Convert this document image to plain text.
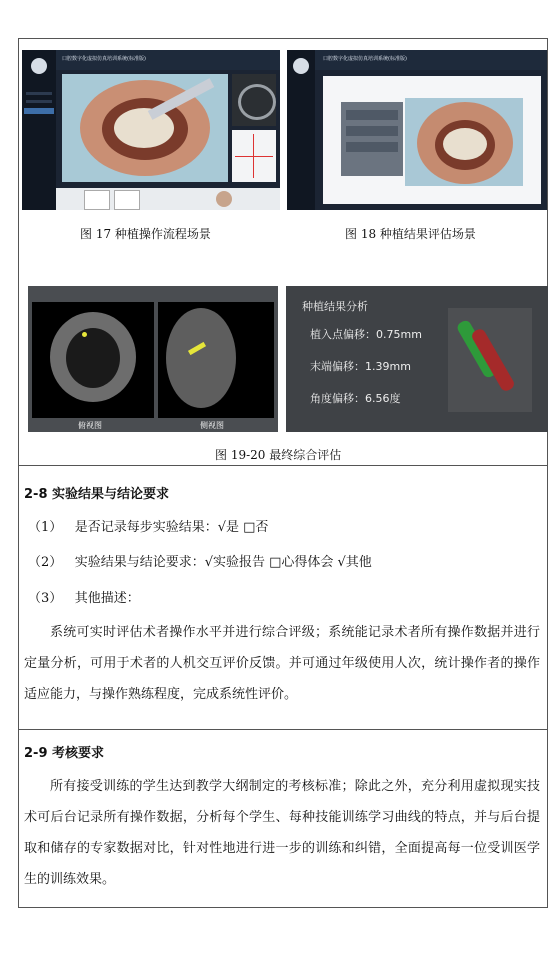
口腔数字化虚拟仿真培训系统(标准版)
图 17 种植操作流程场景
口腔数字化虚拟仿真培训系统(标准版)
图 18 种植结果评估场景
俯视图	侧视图
种植结果分析
植入点偏移：0.75mm
末端偏移：1.39mm
角度偏移：6.56度
图 19-20 最终综合评估
2-8 实验结果与结论要求
（1） 是否记录每步实验结果：√是 □否
（2） 实验结果与结论要求：√实验报告 □心得体会 √其他
（3） 其他描述：
系统可实时评估术者操作水平并进行综合评级；系统能记录术者所有操作数据并进行定量分析，可用于术者的人机交互评价反馈。并可通过年级使用人次，统计操作者的操作适应能力，与操作熟练程度，完成系统性评价。
2-9 考核要求
所有接受训练的学生达到教学大纲制定的考核标准；除此之外，充分利用虚拟现实技术可后台记录所有操作数据，分析每个学生、每种技能训练学习曲线的特点，并与后台提取和储存的专家数据对比，针对性地进行进一步的训练和纠错，全面提高每一位受训医学生的训练效果。
